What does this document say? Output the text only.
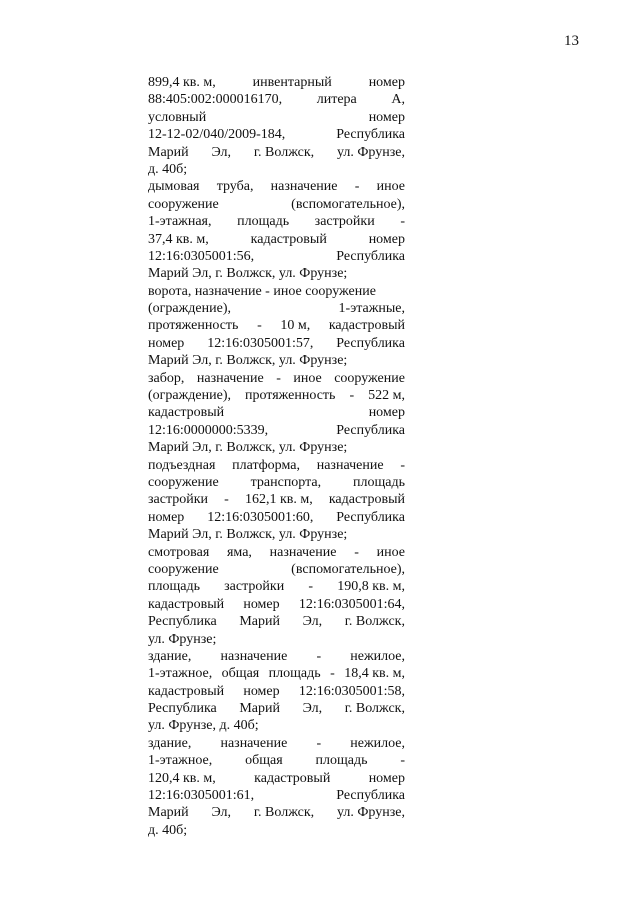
13
899,4 кв. м,	инвентарный	номер
88:405:002:000016170, литера А,
условный	номер
12-12-02/040/2009-184,	Республика
Марий Эл, г. Волжск, ул. Фрунзе,
д. 40б;
дымовая труба, назначение - иное
сооружение	(вспомогательное),
1-этажная, площадь застройки -
37,4 кв. м,	кадастровый	номер
12:16:0305001:56,	Республика
Марий Эл, г. Волжск, ул. Фрунзе;
ворота, назначение - иное сооружение
(ограждение),	1-этажные,
протяженность - 10 м, кадастровый
номер 12:16:0305001:57, Республика
Марий Эл, г. Волжск, ул. Фрунзе;
забор, назначение - иное сооружение
(ограждение), протяженность - 522 м,
кадастровый	номер
12:16:0000000:5339,	Республика
Марий Эл, г. Волжск, ул. Фрунзе;
подъездная платформа, назначение -
сооружение транспорта, площадь
застройки - 162,1 кв. м, кадастровый
номер 12:16:0305001:60, Республика
Марий Эл, г. Волжск, ул. Фрунзе;
смотровая яма, назначение - иное
сооружение	(вспомогательное),
площадь застройки - 190,8 кв. м,
кадастровый номер 12:16:0305001:64,
Республика Марий Эл, г. Волжск,
ул. Фрунзе;
здание, назначение - нежилое,
1-этажное, общая площадь - 18,4 кв. м,
кадастровый номер 12:16:0305001:58,
Республика Марий Эл, г. Волжск,
ул. Фрунзе, д. 40б;
здание, назначение - нежилое,
1-этажное, общая площадь -
120,4 кв. м,	кадастровый	номер
12:16:0305001:61,	Республика
Марий Эл, г. Волжск, ул. Фрунзе,
д. 40б;
